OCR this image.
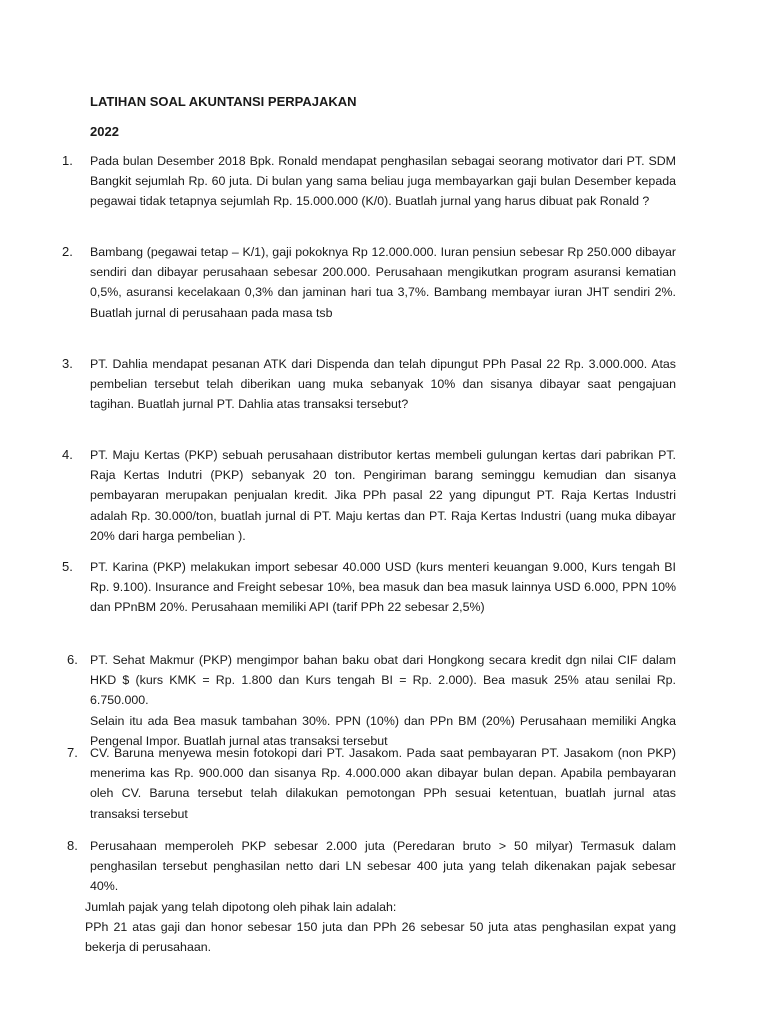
LATIHAN SOAL AKUNTANSI PERPAJAKAN
2022
1. Pada bulan Desember 2018 Bpk. Ronald mendapat penghasilan sebagai seorang motivator dari PT. SDM
Bangkit sejumlah Rp. 60 juta. Di bulan yang sama beliau juga membayarkan gaji bulan Desember kepada
pegawai tidak tetapnya sejumlah Rp. 15.000.000 (K/0). Buatlah jurnal yang harus dibuat pak Ronald ?
2. Bambang (pegawai tetap – K/1), gaji pokoknya Rp 12.000.000. Iuran pensiun sebesar Rp 250.000 dibayar
sendiri dan dibayar perusahaan sebesar 200.000. Perusahaan mengikutkan program asuransi kematian
0,5%, asuransi kecelakaan 0,3% dan jaminan hari tua 3,7%. Bambang membayar iuran JHT sendiri 2%.
Buatlah jurnal di perusahaan pada masa tsb
3. PT. Dahlia mendapat pesanan ATK dari Dispenda dan telah dipungut PPh Pasal 22 Rp. 3.000.000. Atas
pembelian tersebut telah diberikan uang muka sebanyak 10% dan sisanya dibayar saat pengajuan
tagihan. Buatlah jurnal PT. Dahlia atas transaksi tersebut?
4. PT. Maju Kertas (PKP) sebuah perusahaan distributor kertas membeli gulungan kertas dari pabrikan PT.
Raja Kertas Indutri (PKP) sebanyak 20 ton. Pengiriman barang seminggu kemudian dan sisanya
pembayaran merupakan penjualan kredit. Jika PPh pasal 22 yang dipungut PT. Raja Kertas Industri
adalah Rp. 30.000/ton, buatlah jurnal di PT. Maju kertas dan PT. Raja Kertas Industri (uang muka dibayar
20% dari harga pembelian ).
5. PT. Karina (PKP) melakukan import sebesar 40.000 USD (kurs menteri keuangan 9.000, Kurs tengah BI
Rp. 9.100). Insurance and Freight sebesar 10%, bea masuk dan bea masuk lainnya USD 6.000, PPN 10%
dan PPnBM 20%. Perusahaan memiliki API (tarif PPh 22 sebesar 2,5%)
6. PT. Sehat Makmur (PKP) mengimpor bahan baku obat dari Hongkong secara kredit dgn nilai CIF dalam
HKD $ (kurs KMK = Rp. 1.800 dan Kurs tengah BI = Rp. 2.000). Bea masuk 25% atau senilai Rp. 6.750.000.
Selain itu ada Bea masuk tambahan 30%. PPN (10%) dan PPn BM (20%) Perusahaan memiliki Angka
Pengenal Impor. Buatlah jurnal atas transaksi tersebut
7. CV. Baruna menyewa mesin fotokopi dari PT. Jasakom. Pada saat pembayaran PT. Jasakom (non PKP)
menerima kas Rp. 900.000 dan sisanya Rp. 4.000.000 akan dibayar bulan depan. Apabila pembayaran
oleh CV. Baruna tersebut telah dilakukan pemotongan PPh sesuai ketentuan, buatlah jurnal atas
transaksi tersebut
8. Perusahaan memperoleh PKP sebesar 2.000 juta (Peredaran bruto > 50 milyar) Termasuk dalam
penghasilan tersebut penghasilan netto dari LN sebesar 400 juta yang telah dikenakan pajak sebesar 40%.
Jumlah pajak yang telah dipotong oleh pihak lain adalah:
PPh 21 atas gaji dan honor sebesar 150 juta dan PPh 26 sebesar 50 juta atas penghasilan expat yang
bekerja di perusahaan.
